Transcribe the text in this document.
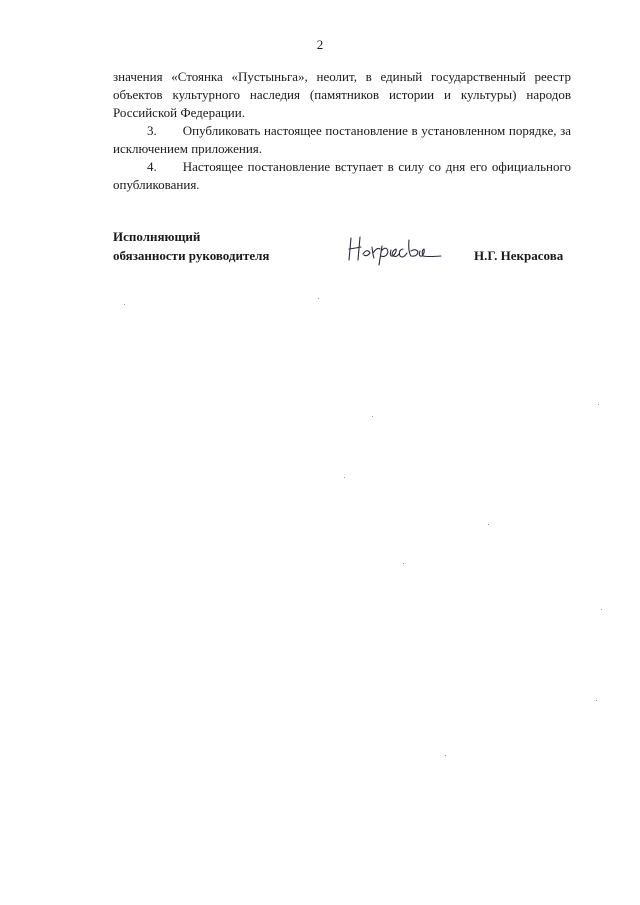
2

значения «Стоянка «Пустыньга», неолит, в единый государственный реестр объектов культурного наследия (памятников истории и культуры) народов Российской Федерации.

3.  Опубликовать настоящее постановление в установленном порядке, за исключением приложения.

4.  Настоящее постановление вступает в силу со дня его официального опубликования.

Исполняющий
обязанности руководителя	Н.Г. Некрасова
